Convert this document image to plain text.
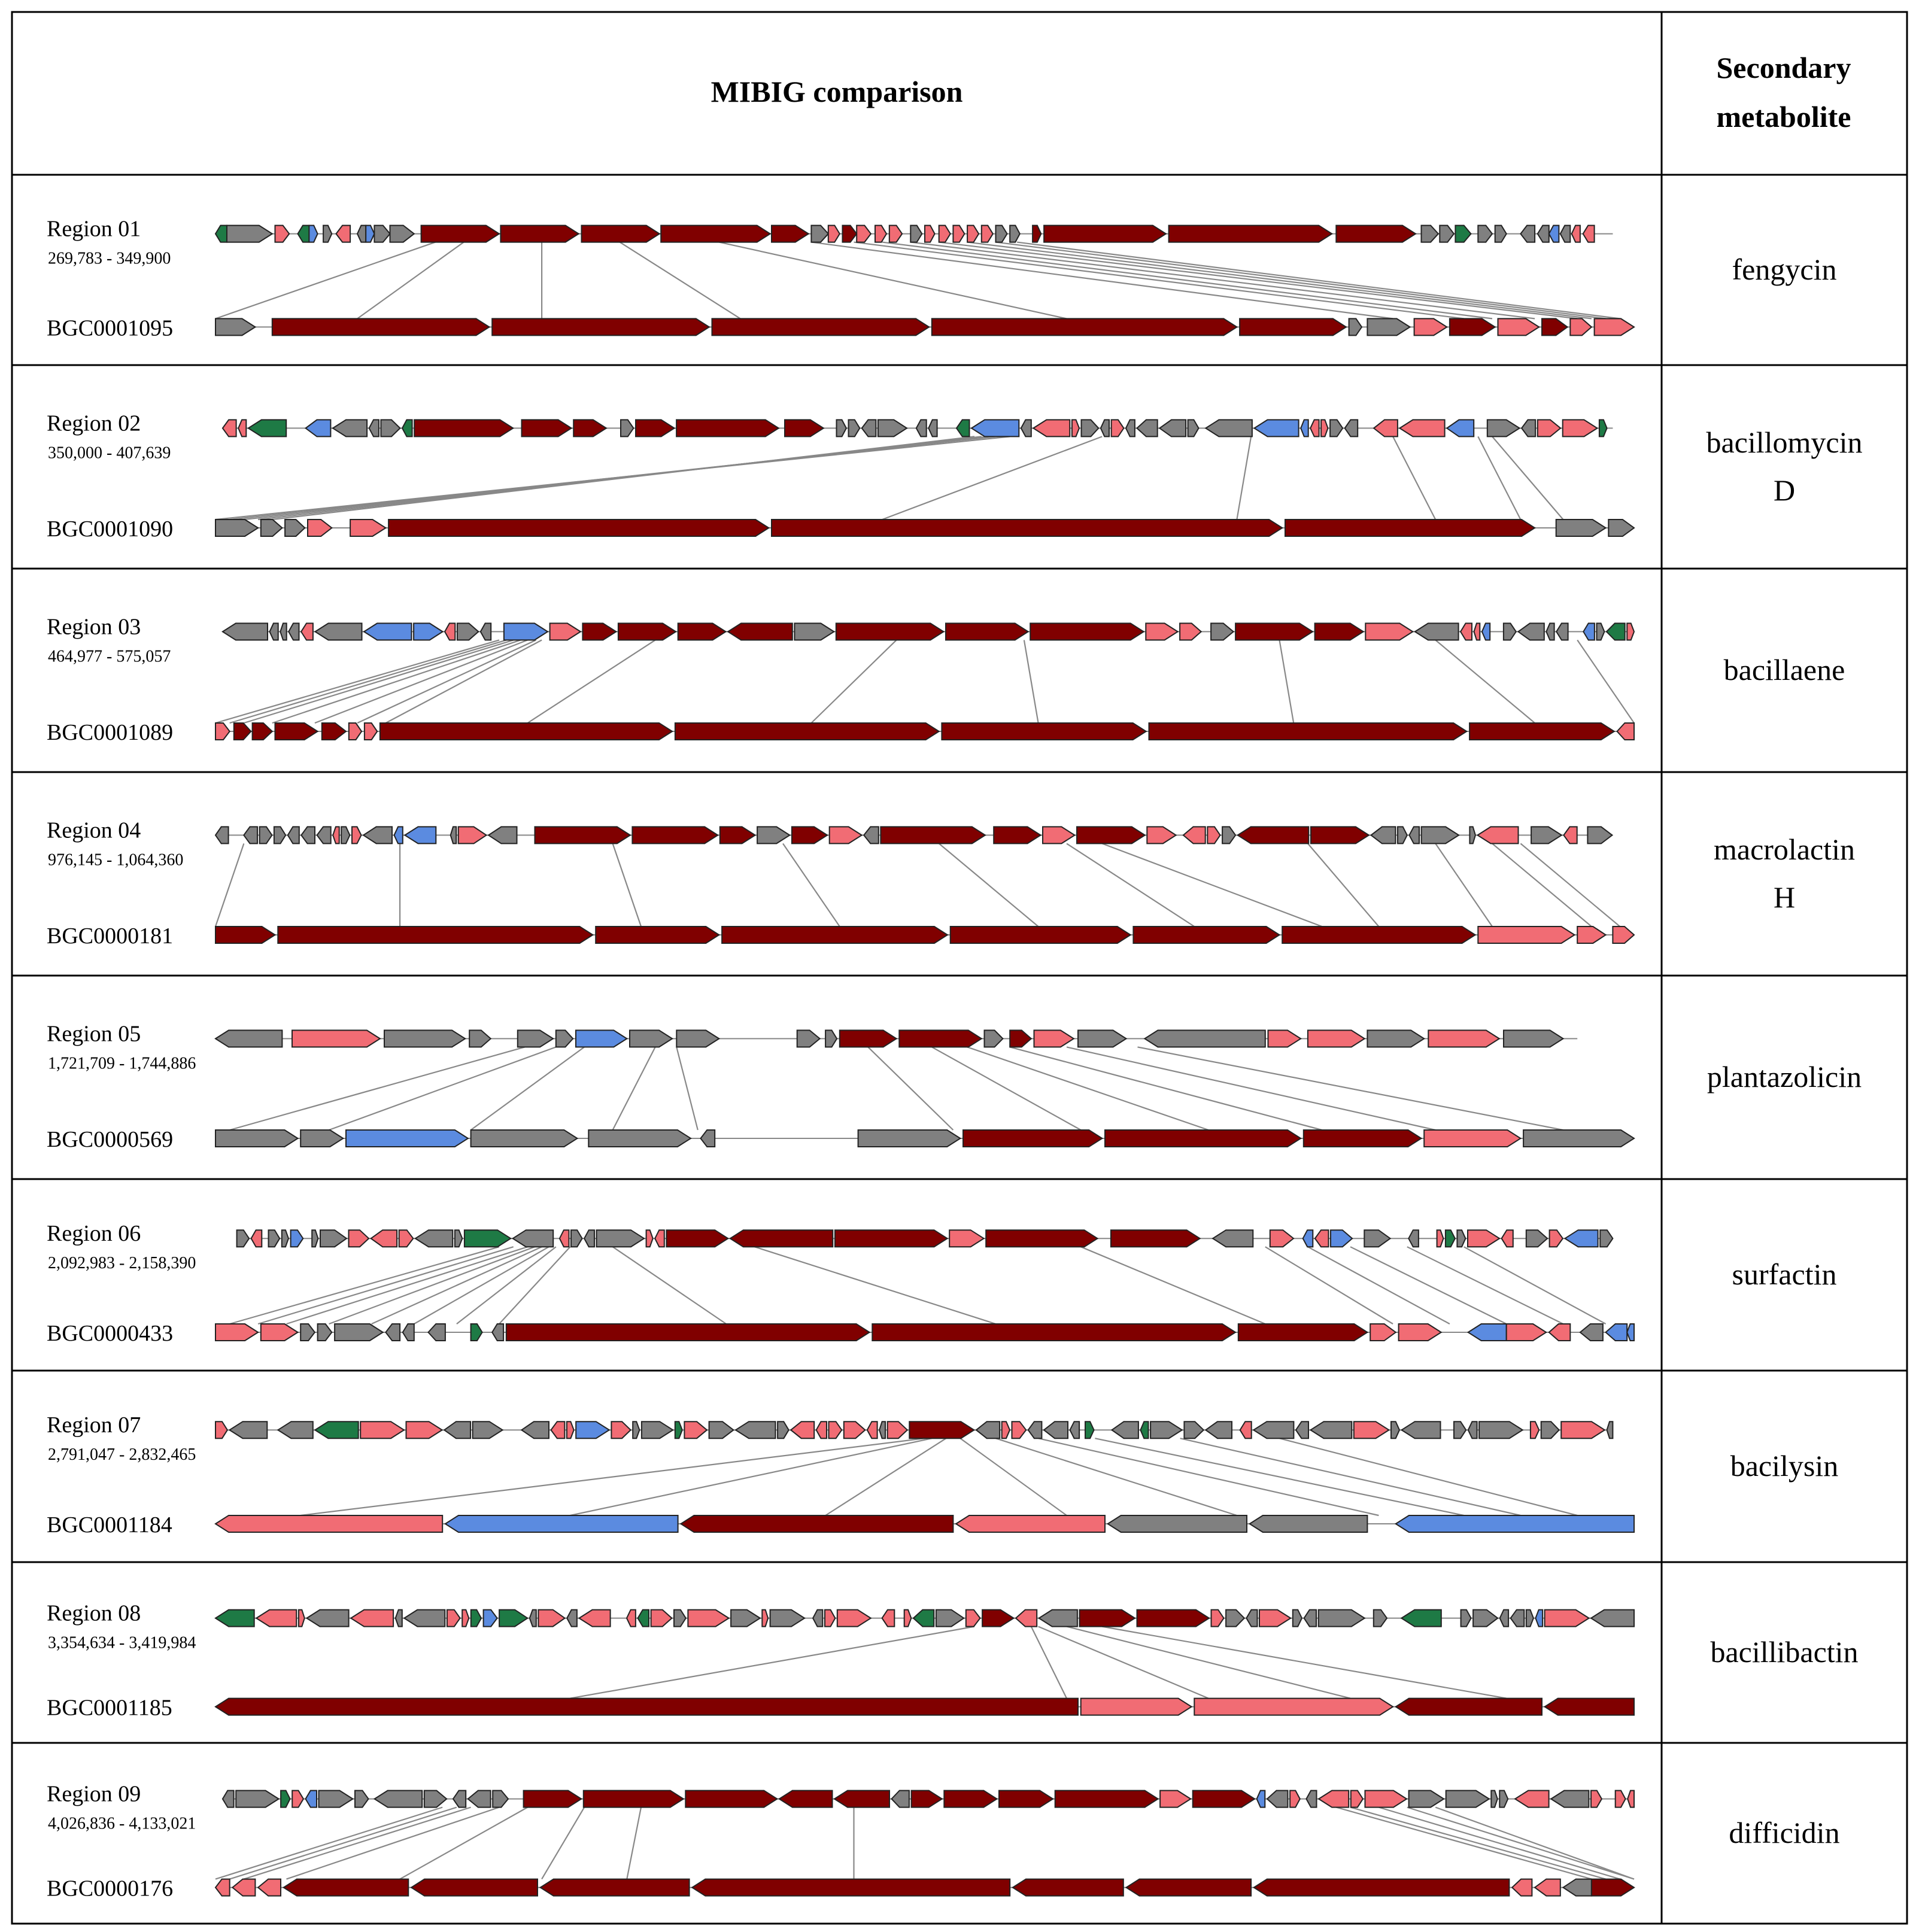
MIBIG comparison
Secondary
metabolite
Region 01
269,783 - 349,900
BGC0001095
fengycin
Region 02
350,000 - 407,639
BGC0001090
bacillomycin
D
Region 03
464,977 - 575,057
BGC0001089
bacillaene
Region 04
976,145 - 1,064,360
BGC0000181
macrolactin
H
Region 05
1,721,709 - 1,744,886
BGC0000569
plantazolicin
Region 06
2,092,983 - 2,158,390
BGC0000433
surfactin
Region 07
2,791,047 - 2,832,465
BGC0001184
bacilysin
Region 08
3,354,634 - 3,419,984
BGC0001185
bacillibactin
Region 09
4,026,836 - 4,133,021
BGC0000176
difficidin
